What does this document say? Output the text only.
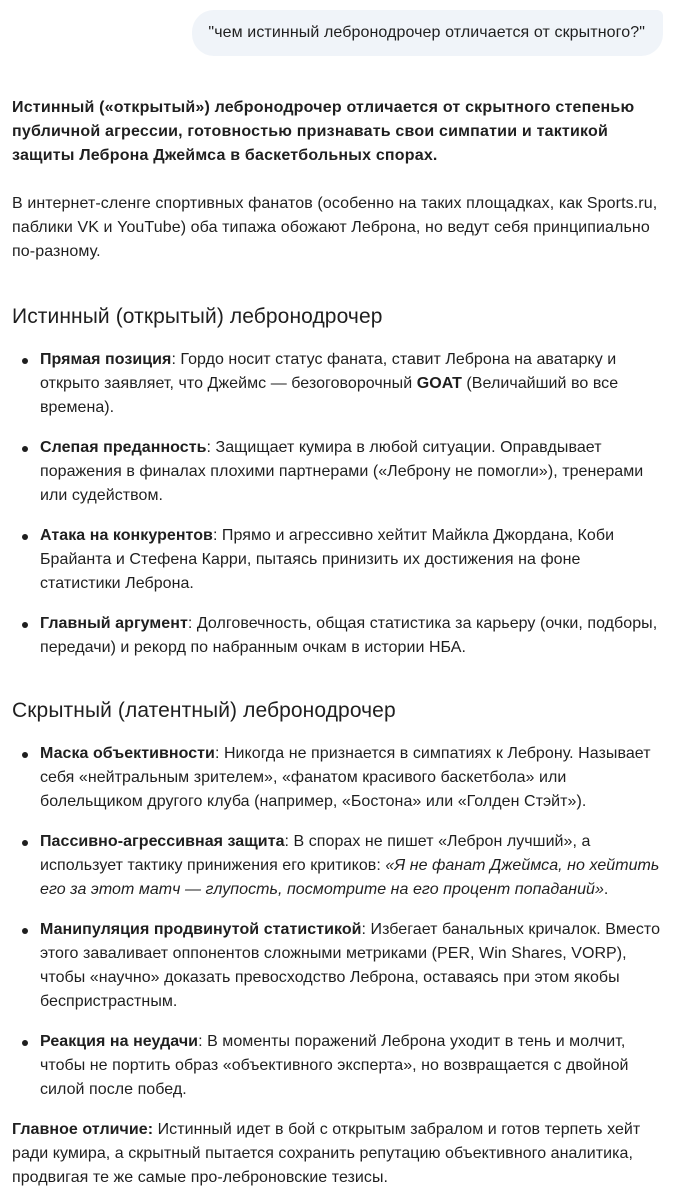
"чем истинный лебронодрочер отличается от скрытного?"

Истинный («открытый») лебронодрочер отличается от скрытного степенью публичной агрессии, готовностью признавать свои симпатии и тактикой защиты Леброна Джеймса в баскетбольных спорах.

В интернет-сленге спортивных фанатов (особенно на таких площадках, как Sports.ru, паблики VK и YouTube) оба типажа обожают Леброна, но ведут себя принципиально по-разному.

Истинный (открытый) лебронодрочер
Прямая позиция: Гордо носит статус фаната, ставит Леброна на аватарку и открыто заявляет, что Джеймс — безоговорочный GOAT (Величайший во все времена).
Слепая преданность: Защищает кумира в любой ситуации. Оправдывает поражения в финалах плохими партнерами («Леброну не помогли»), тренерами или судейством.
Атака на конкурентов: Прямо и агрессивно хейтит Майкла Джордана, Коби Брайанта и Стефена Карри, пытаясь принизить их достижения на фоне статистики Леброна.
Главный аргумент: Долговечность, общая статистика за карьеру (очки, подборы, передачи) и рекорд по набранным очкам в истории НБА.
Скрытный (латентный) лебронодрочер
Маска объективности: Никогда не признается в симпатиях к Леброну. Называет себя «нейтральным зрителем», «фанатом красивого баскетбола» или болельщиком другого клуба (например, «Бостона» или «Голден Стэйт»).
Пассивно-агрессивная защита: В спорах не пишет «Леброн лучший», а использует тактику принижения его критиков: «Я не фанат Джеймса, но хейтить его за этот матч — глупость, посмотрите на его процент попаданий».
Манипуляция продвинутой статистикой: Избегает банальных кричалок. Вместо этого заваливает оппонентов сложными метриками (PER, Win Shares, VORP), чтобы «научно» доказать превосходство Леброна, оставаясь при этом якобы беспристрастным.
Реакция на неудачи: В моменты поражений Леброна уходит в тень и молчит, чтобы не портить образ «объективного эксперта», но возвращается с двойной силой после побед.

Главное отличие: Истинный идет в бой с открытым забралом и готов терпеть хейт ради кумира, а скрытный пытается сохранить репутацию объективного аналитика, продвигая те же самые про-леброновские тезисы.
